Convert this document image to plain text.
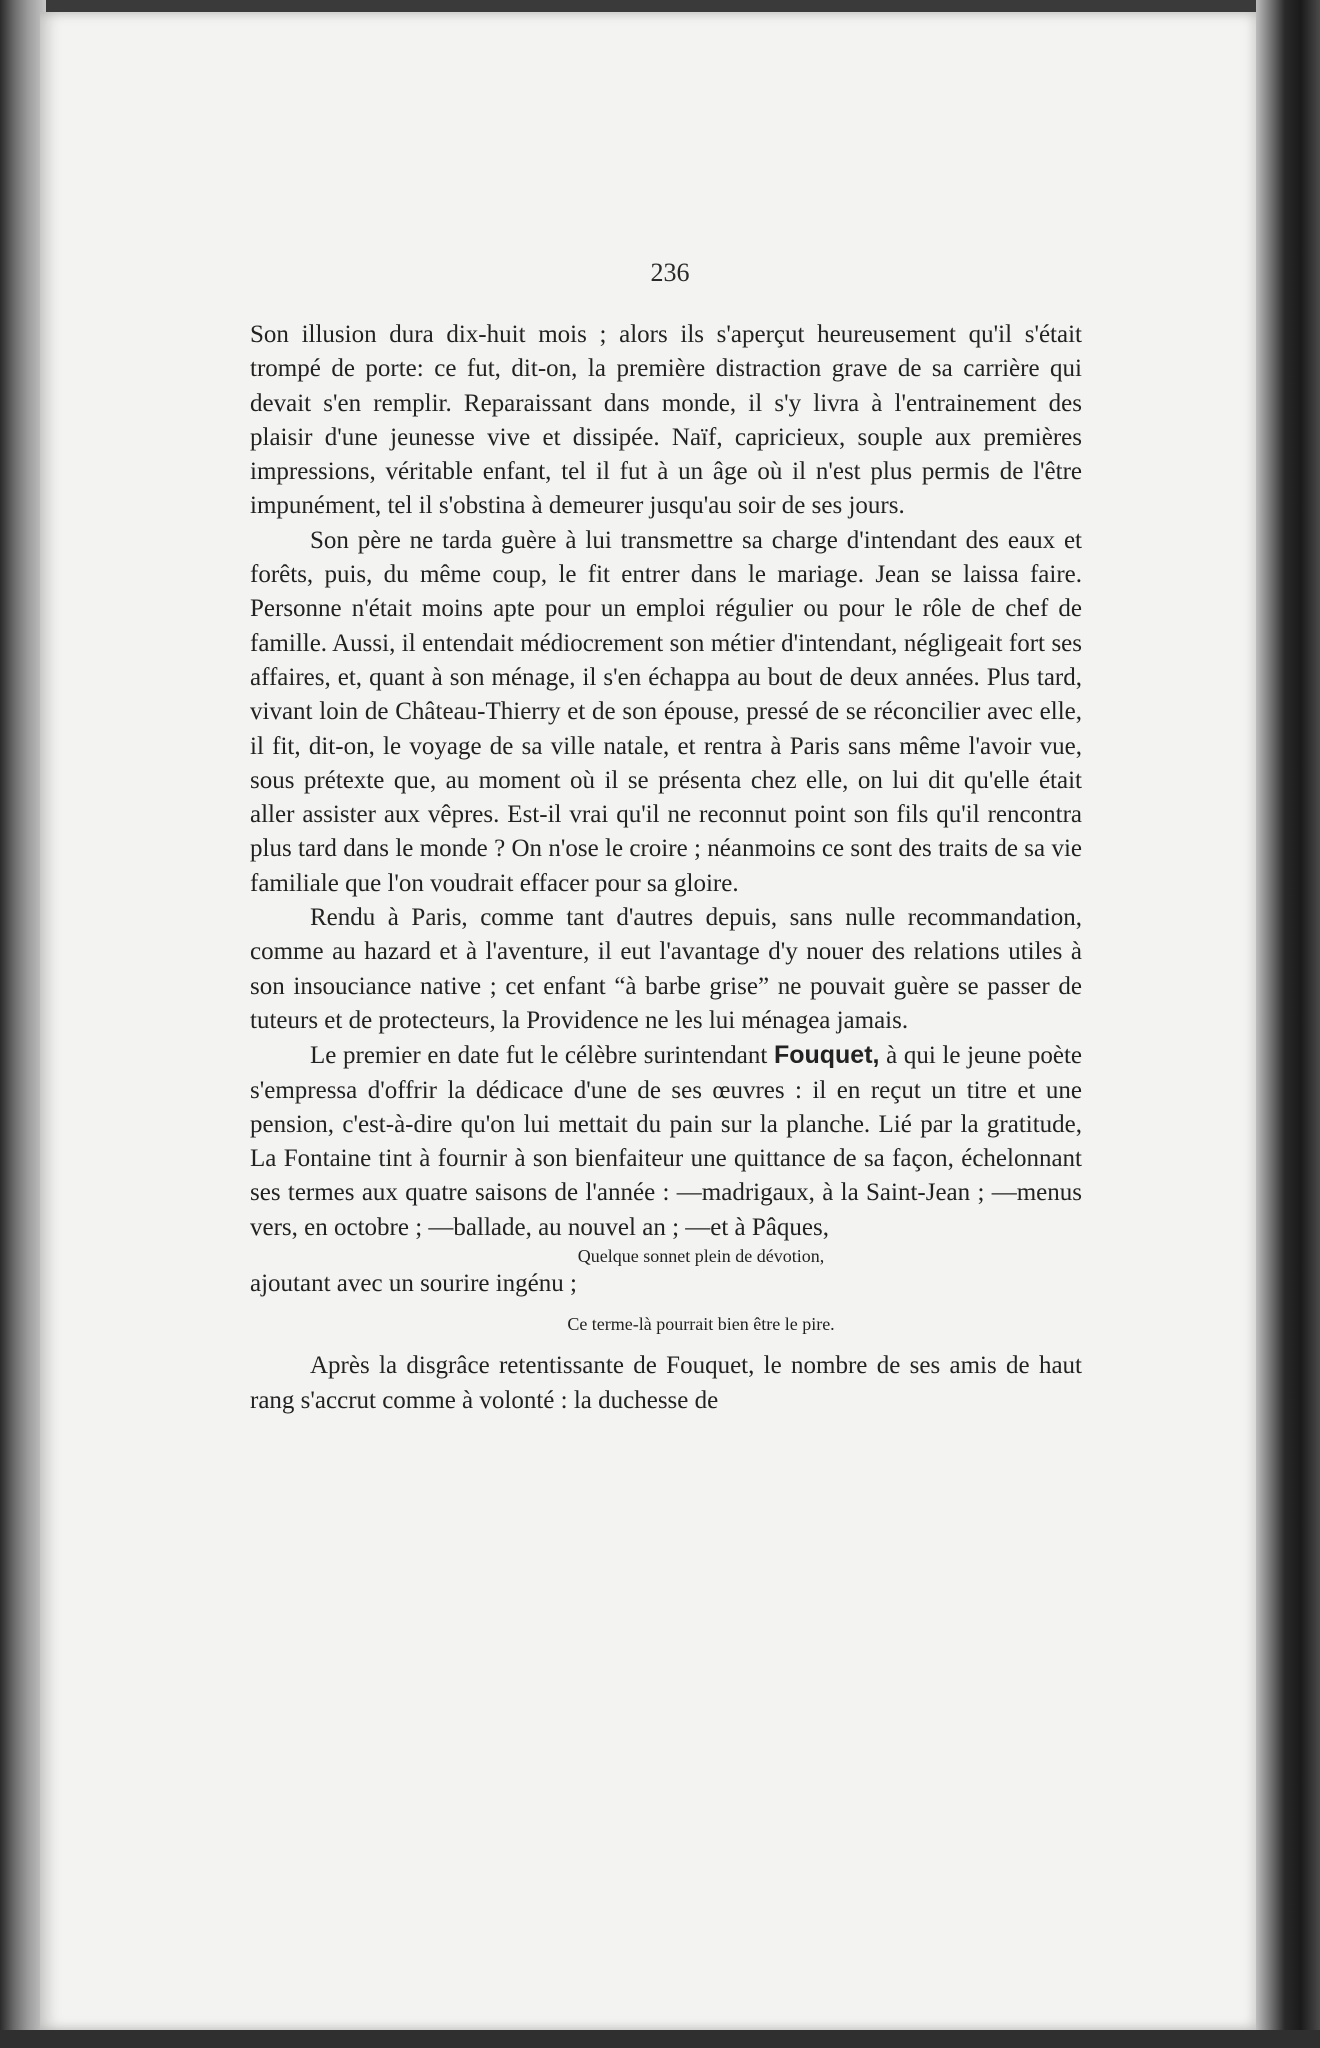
236

Son illusion dura dix-huit mois ; alors ils s'aperçut heureusement qu'il s'était trompé de porte: ce fut, dit-on, la première distraction grave de sa carrière qui devait s'en remplir. Reparaissant dans monde, il s'y livra à l'entrainement des plaisir d'une jeunesse vive et dissipée. Naïf, capricieux, souple aux premières impressions, véritable enfant, tel il fut à un âge où il n'est plus permis de l'être impunément, tel il s'obstina à demeurer jusqu'au soir de ses jours.

Son père ne tarda guère à lui transmettre sa charge d'intendant des eaux et forêts, puis, du même coup, le fit entrer dans le mariage. Jean se laissa faire. Personne n'était moins apte pour un emploi régulier ou pour le rôle de chef de famille. Aussi, il entendait médiocrement son métier d'intendant, négligeait fort ses affaires, et, quant à son ménage, il s'en échappa au bout de deux années. Plus tard, vivant loin de Château-Thierry et de son épouse, pressé de se réconcilier avec elle, il fit, dit-on, le voyage de sa ville natale, et rentra à Paris sans même l'avoir vue, sous prétexte que, au moment où il se présenta chez elle, on lui dit qu'elle était aller assister aux vêpres. Est-il vrai qu'il ne reconnut point son fils qu'il rencontra plus tard dans le monde ? On n'ose le croire ; néanmoins ce sont des traits de sa vie familiale que l'on voudrait effacer pour sa gloire.

Rendu à Paris, comme tant d'autres depuis, sans nulle recommandation, comme au hazard et à l'aventure, il eut l'avantage d'y nouer des relations utiles à son insouciance native ; cet enfant “à barbe grise” ne pouvait guère se passer de tuteurs et de protecteurs, la Providence ne les lui ménagea jamais.

Le premier en date fut le célèbre surintendant Fouquet, à qui le jeune poète s'empressa d'offrir la dédicace d'une de ses œuvres : il en reçut un titre et une pension, c'est-à-dire qu'on lui mettait du pain sur la planche. Lié par la gratitude, La Fontaine tint à fournir à son bienfaiteur une quittance de sa façon, échelonnant ses termes aux quatre saisons de l'année : —madrigaux, à la Saint-Jean ; —menus vers, en octobre ; —ballade, au nouvel an ; —et à Pâques,

Quelque sonnet plein de dévotion,

ajoutant avec un sourire ingénu ;

Ce terme-là pourrait bien être le pire.

Après la disgrâce retentissante de Fouquet, le nombre de ses amis de haut rang s'accrut comme à volonté : la duchesse de
